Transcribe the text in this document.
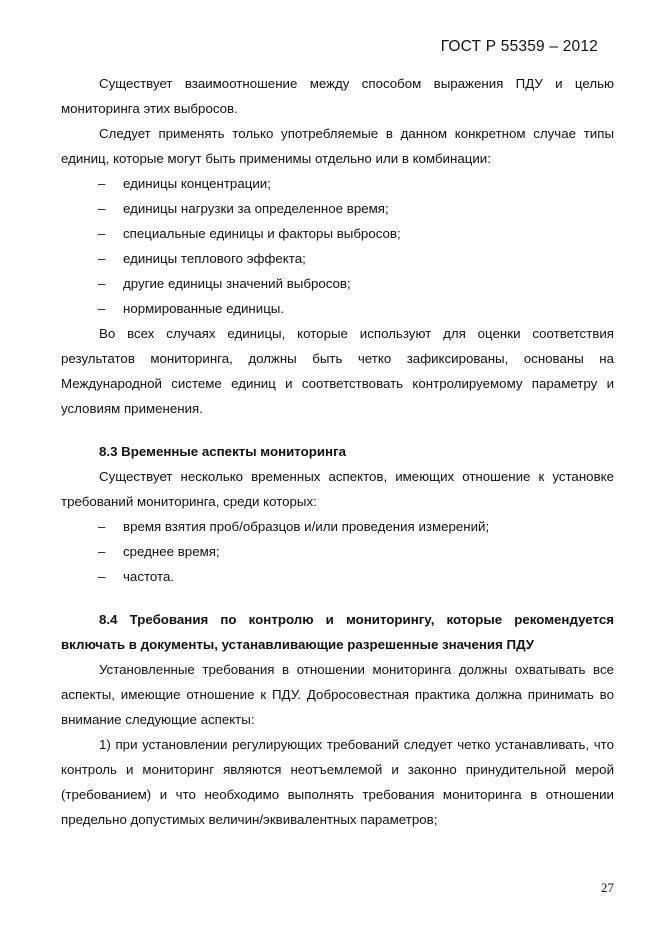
ГОСТ Р 55359 – 2012

Существует взаимоотношение между способом выражения ПДУ и целью мониторинга этих выбросов.

Следует применять только употребляемые в данном конкретном случае типы единиц, которые могут быть применимы отдельно или в комбинации:

– единицы концентрации;

– единицы нагрузки за определенное время;

– специальные единицы и факторы выбросов;

– единицы теплового эффекта;

– другие единицы значений выбросов;

– нормированные единицы.

Во всех случаях единицы, которые используют для оценки соответствия результатов мониторинга, должны быть четко зафиксированы, основаны на Международной системе единиц и соответствовать контролируемому параметру и условиям применения.

8.3 Временные аспекты мониторинга

Существует несколько временных аспектов, имеющих отношение к установке требований мониторинга, среди которых:

– время взятия проб/образцов и/или проведения измерений;

– среднее время;

– частота.

8.4 Требования по контролю и мониторингу, которые рекомендуется включать в документы, устанавливающие разрешенные значения ПДУ

Установленные требования в отношении мониторинга должны охватывать все аспекты, имеющие отношение к ПДУ. Добросовестная практика должна принимать во внимание следующие аспекты:

1) при установлении регулирующих требований следует четко устанавливать, что контроль и мониторинг являются неотъемлемой и законно принудительной мерой (требованием) и что необходимо выполнять требования мониторинга в отношении предельно допустимых величин/эквивалентных параметров;

27
